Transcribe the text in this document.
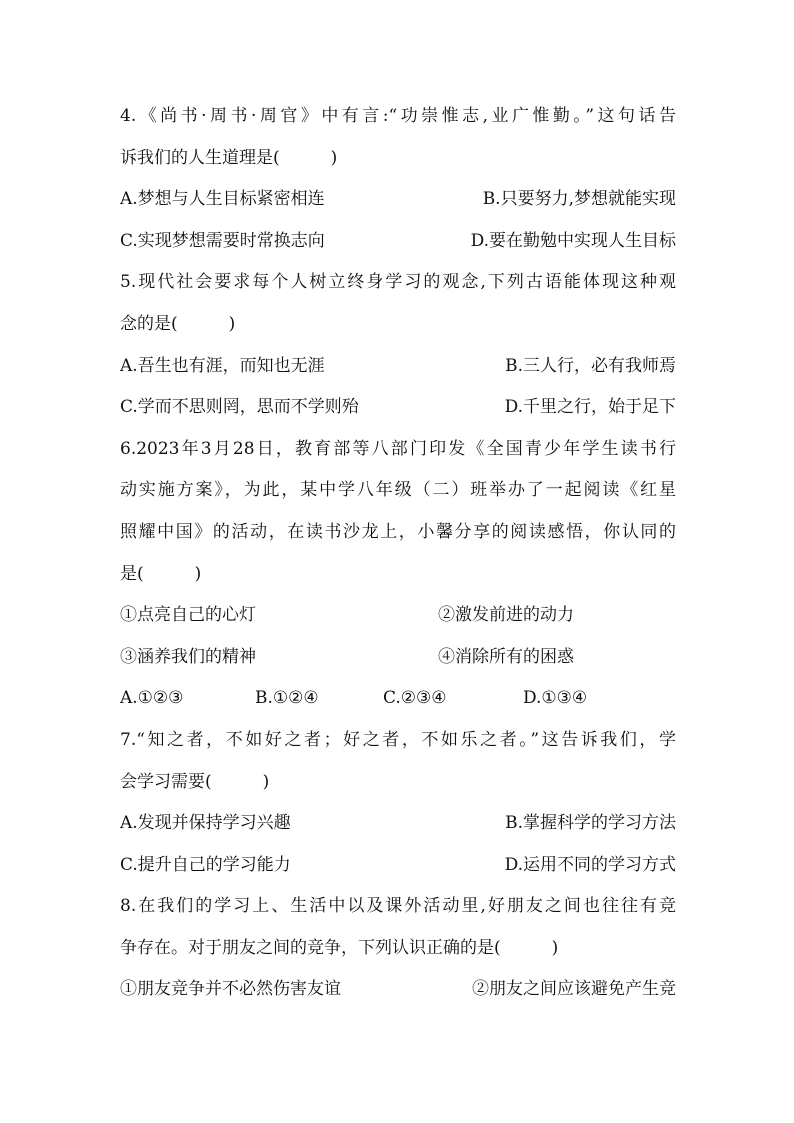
4.《尚书·周书·周官》中有言:“功崇惟志,业广惟勤。”这句话告
诉我们的人生道理是(　　　)
A.梦想与人生目标紧密相连	B.只要努力,梦想就能实现
C.实现梦想需要时常换志向	D.要在勤勉中实现人生目标
5.现代社会要求每个人树立终身学习的观念,下列古语能体现这种观
念的是(　　　)
A.吾生也有涯，而知也无涯	B.三人行，必有我师焉
C.学而不思则罔，思而不学则殆	D.千里之行，始于足下
6.2023年3月28日，教育部等八部门印发《全国青少年学生读书行
动实施方案》，为此，某中学八年级（二）班举办了一起阅读《红星
照耀中国》的活动，在读书沙龙上，小馨分享的阅读感悟，你认同的
是(　　　)
①点亮自己的心灯	②激发前进的动力
③涵养我们的精神	④消除所有的困惑
A.①②③	B.①②④	C.②③④	D.①③④
7.“知之者，不如好之者；好之者，不如乐之者。”这告诉我们，学
会学习需要(　　　)
A.发现并保持学习兴趣	B.掌握科学的学习方法
C.提升自己的学习能力	D.运用不同的学习方式
8.在我们的学习上、生活中以及课外活动里,好朋友之间也往往有竞
争存在。对于朋友之间的竞争，下列认识正确的是(　　　)
①朋友竞争并不必然伤害友谊	②朋友之间应该避免产生竞
